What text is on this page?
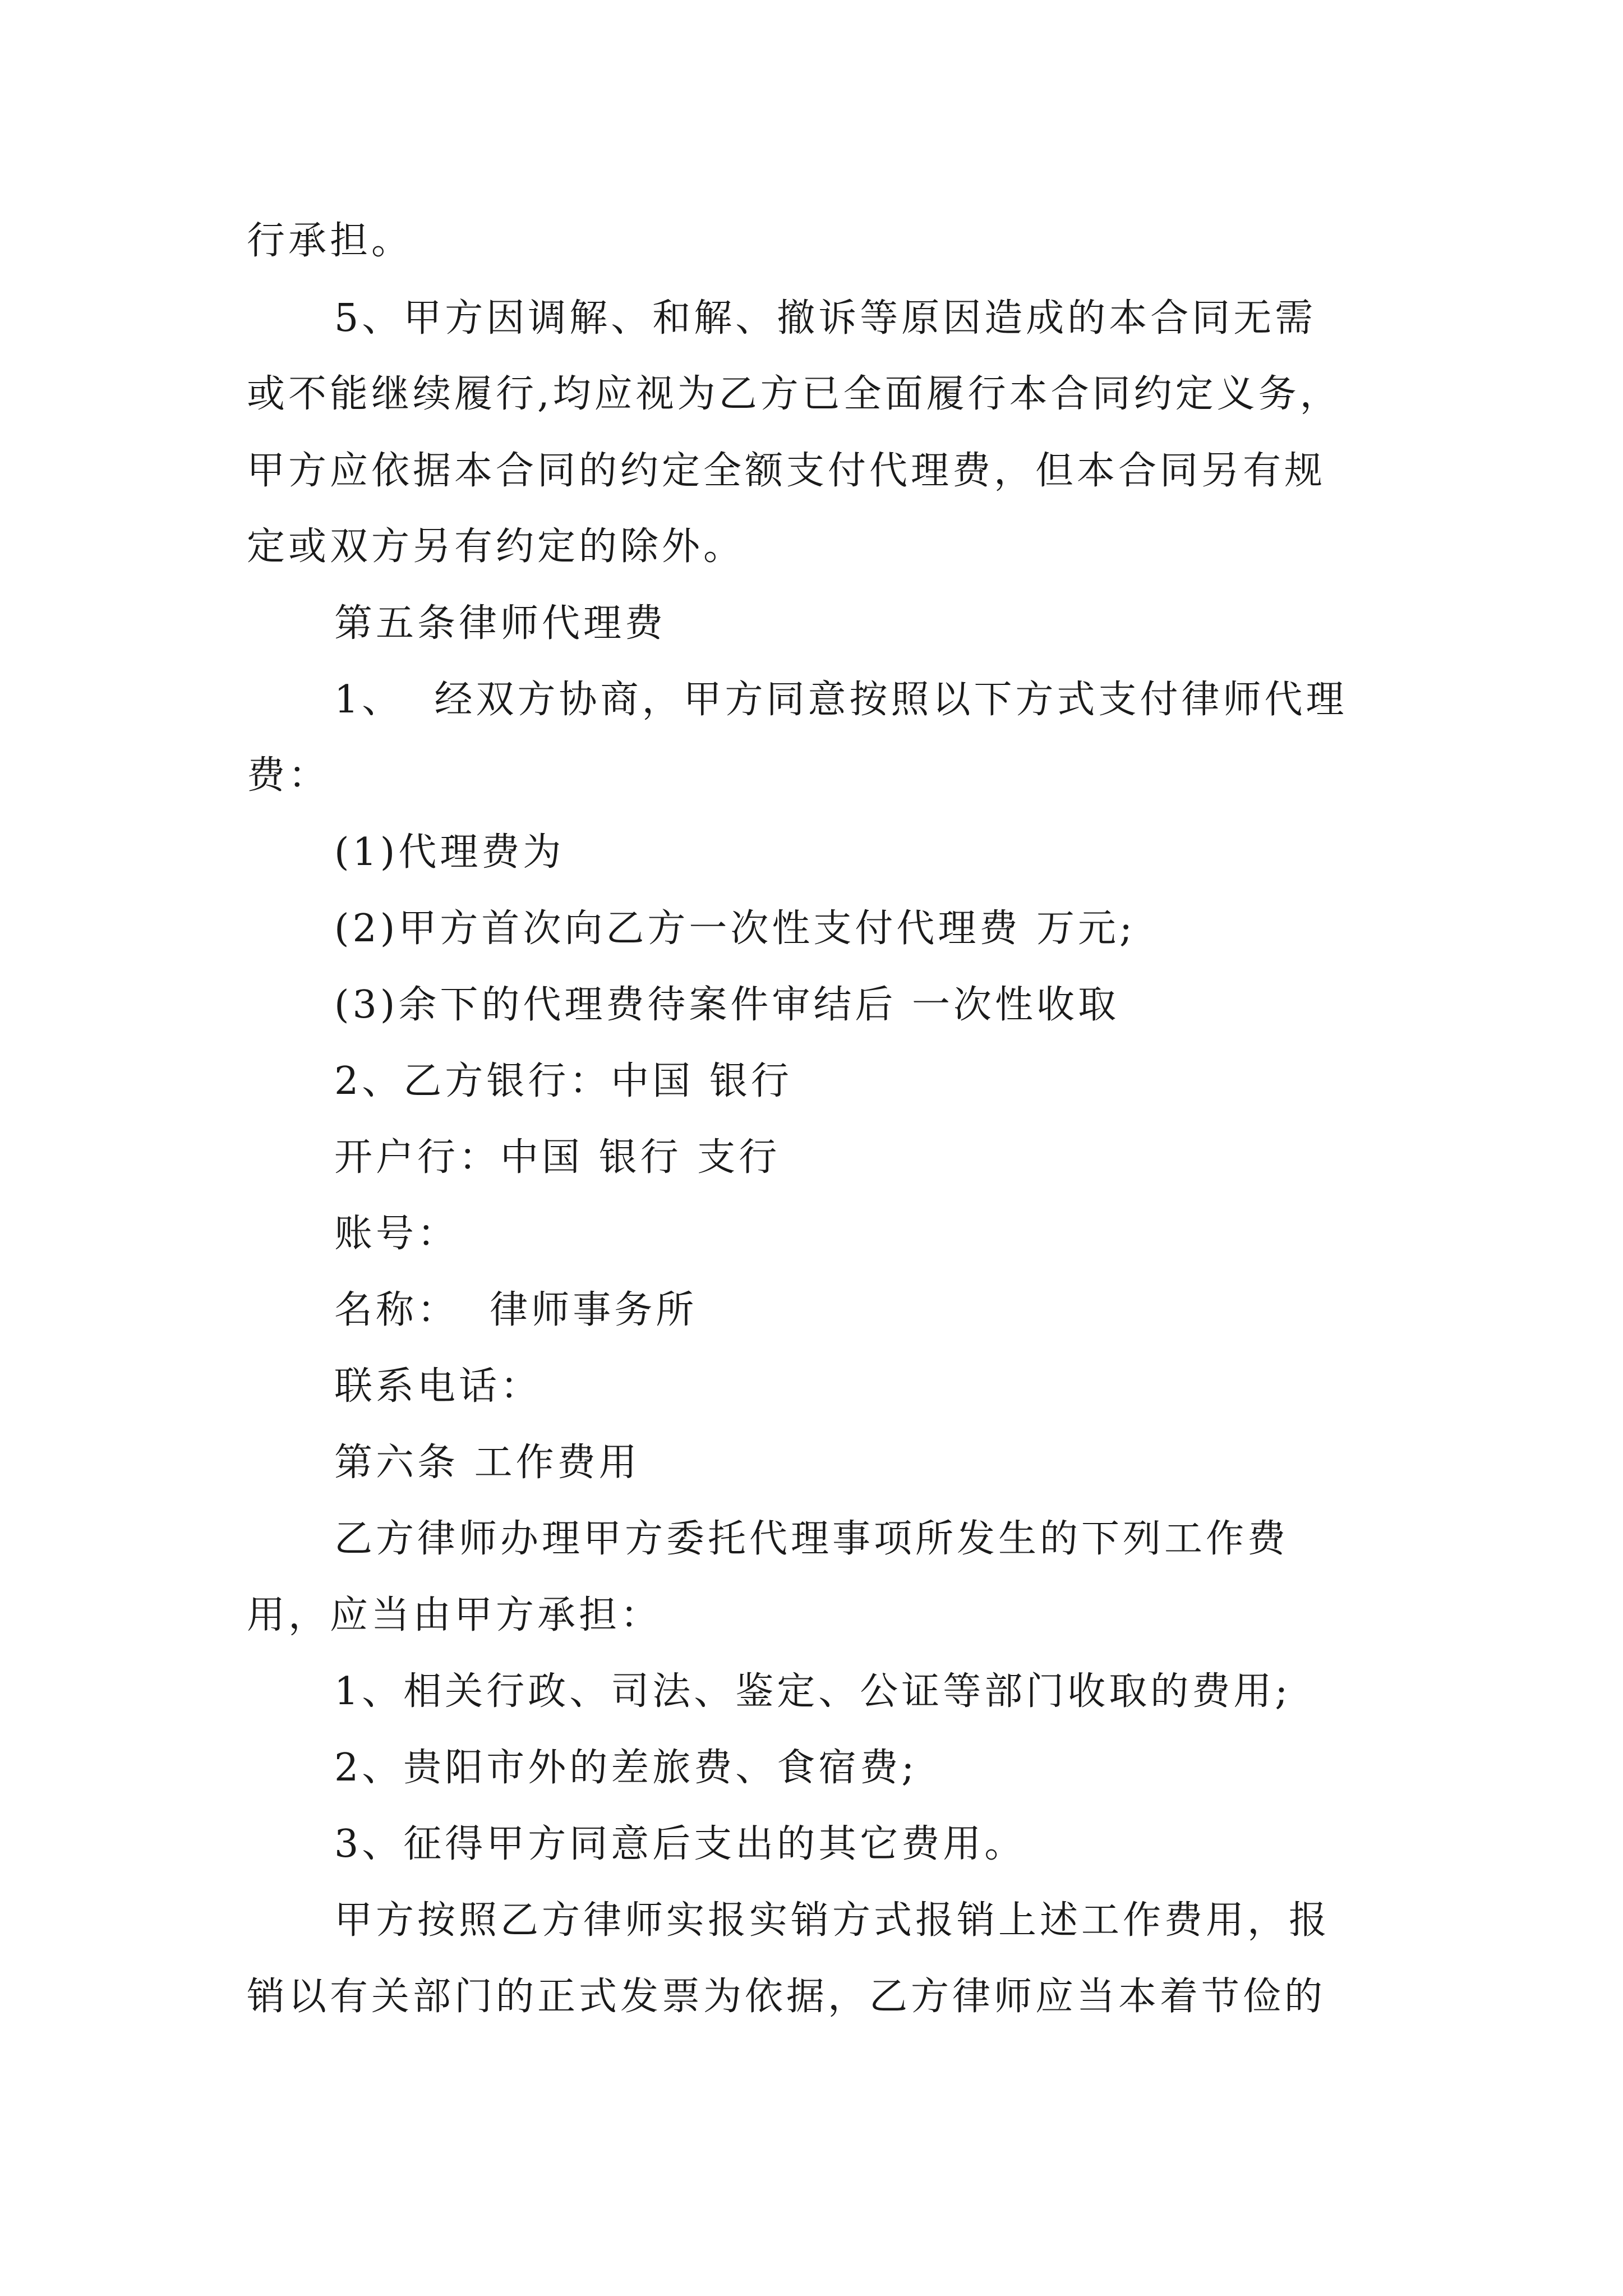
行承担。
5、甲方因调解、和解、撤诉等原因造成的本合同无需
或不能继续履行,均应视为乙方已全面履行本合同约定义务，
甲方应依据本合同的约定全额支付代理费，但本合同另有规
定或双方另有约定的除外。
第五条律师代理费
1、  经双方协商，甲方同意按照以下方式支付律师代理
费：
(1)代理费为
(2)甲方首次向乙方一次性支付代理费 万元;
(3)余下的代理费待案件审结后 一次性收取
2、乙方银行：中国 银行
开户行：中国 银行 支行
账号：
名称：  律师事务所
联系电话：
第六条 工作费用
乙方律师办理甲方委托代理事项所发生的下列工作费
用，应当由甲方承担：
1、相关行政、司法、鉴定、公证等部门收取的费用;
2、贵阳市外的差旅费、食宿费;
3、征得甲方同意后支出的其它费用。
甲方按照乙方律师实报实销方式报销上述工作费用，报
销以有关部门的正式发票为依据，乙方律师应当本着节俭的
